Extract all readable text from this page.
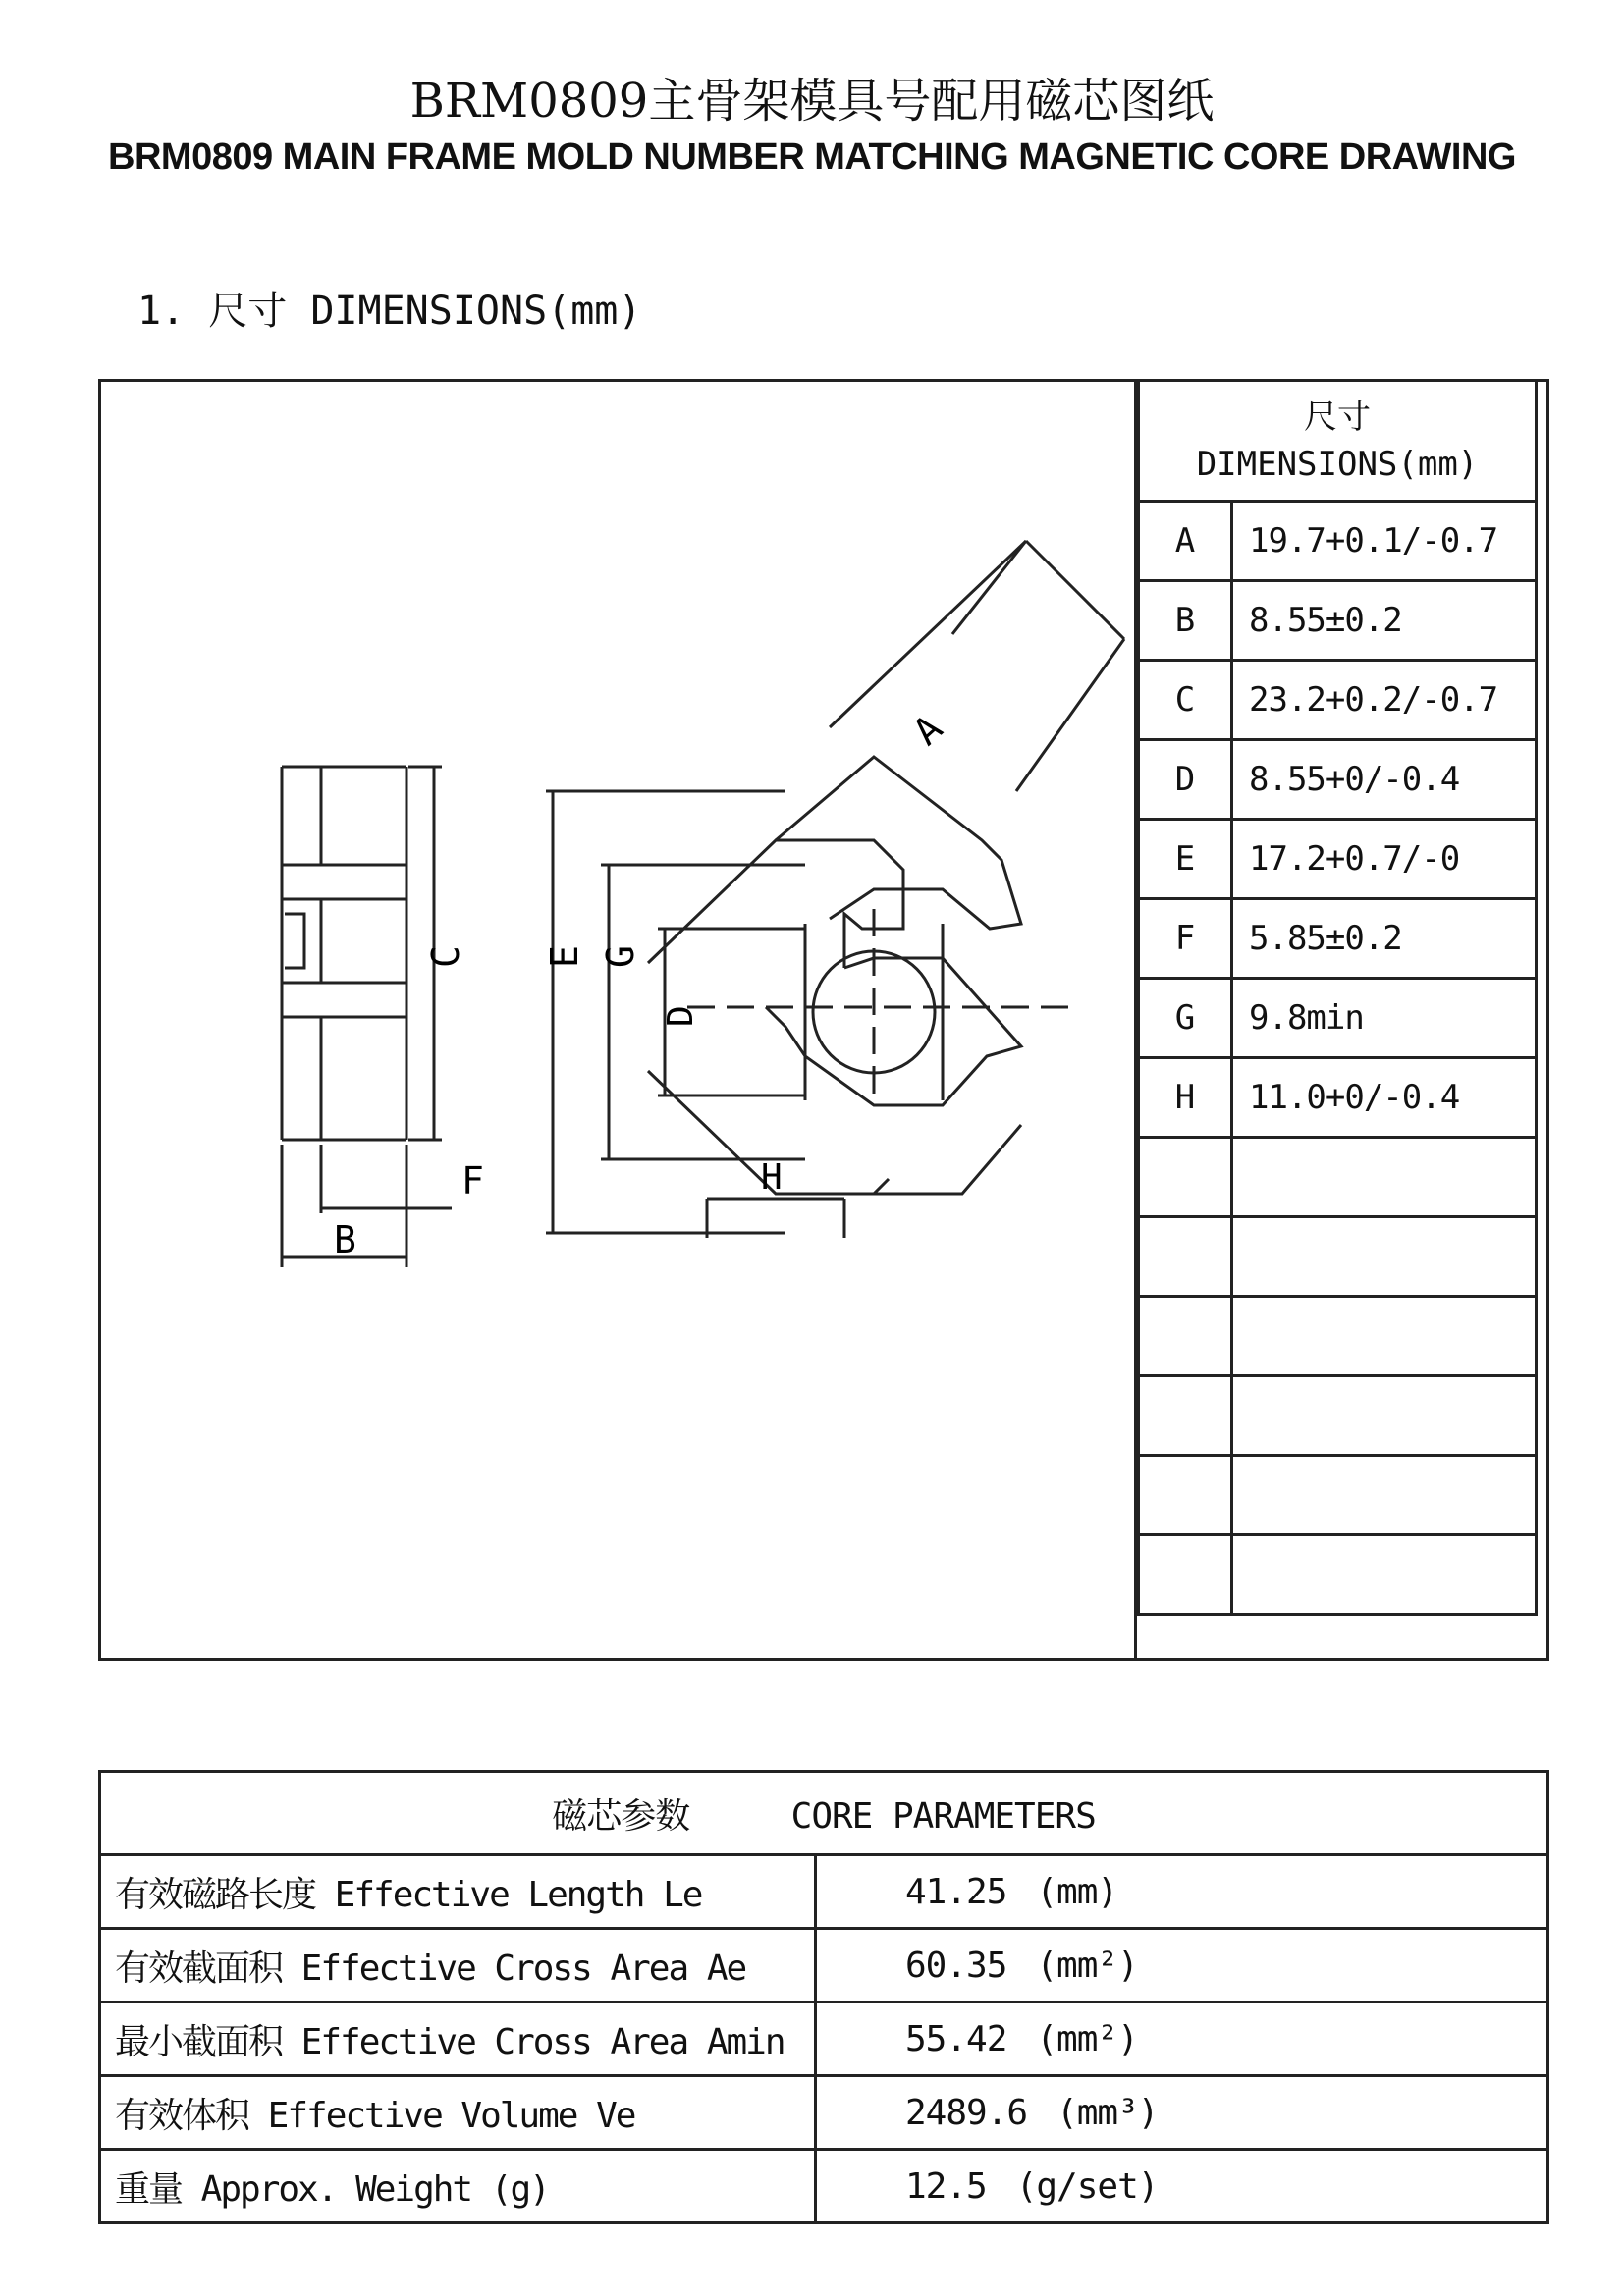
BRM0809主骨架模具号配用磁芯图纸
BRM0809 MAIN FRAME MOLD NUMBER MATCHING MAGNETIC CORE DRAWING
1. 尺寸 DIMENSIONS(mm)
A
B
C
D
E
F
G
H
尺寸
DIMENSIONS(mm)	

A	19.7+0.1/-0.7
B	8.55±0.2
C	23.2+0.2/-0.7
D	8.55+0/-0.4
E	17.2+0.7/-0
F	5.85±0.2
G	9.8min
H	11.0+0/-0.4

磁芯参数 CORE PARAMETERS	
有效磁路长度 Effective Length Le	41.25 (mm)
有效截面积 Effective Cross Area Ae	60.35 (mm²)
最小截面积 Effective Cross Area Amin	55.42 (mm²)
有效体积 Effective Volume Ve	2489.6 (mm³)
重量 Approx. Weight (g)	12.5 (g/set)
